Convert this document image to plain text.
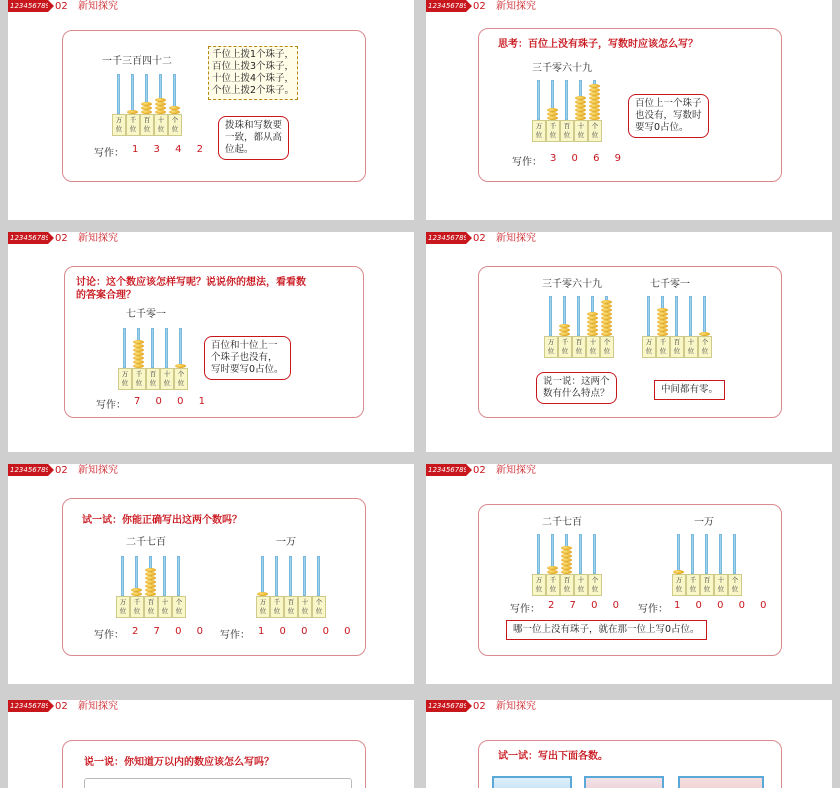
123456789 02 新知探究
一千三百四十二
万
位
千
位
百
位
十
位
个
位
千位上拨1个珠子，
百位上拨3个珠子，
十位上拨4个珠子，
个位上拨2个珠子。
拨珠和写数要
一致，都从高
位起。
写作： 1 3 4 2
123456789 02 新知探究
思考：百位上没有珠子，写数时应该怎么写？
三千零六十九
万
位
千
位
百
位
十
位
个
位
百位上一个珠子
也没有，写数时
要写0占位。
写作： 3 0 6 9
123456789 02 新知探究
讨论：这个数应该怎样写呢？说说你的想法，看看数
的答案合理？
七千零一
万
位
千
位
百
位
十
位
个
位
百位和十位上一
个珠子也没有，
写时要写0占位。
写作： 7 0 0 1
123456789 02 新知探究
三千零六十九
万
位
千
位
百
位
十
位
个
位
七千零一
万
位
千
位
百
位
十
位
个
位
说一说：这两个
数有什么特点？	中间都有零。
123456789 02 新知探究
试一试：你能正确写出这两个数吗？
二千七百
万
位
千
位
百
位
十
位
个
位
一万
万
位
千
位
百
位
十
位
个
位
写作： 2 7 0 0 写作： 1 0 0 0 0
123456789 02 新知探究
二千七百
万
位
千
位
百
位
十
位
个
位
一万
万
位
千
位
百
位
十
位
个
位
写作： 2 7 0 0 写作： 1 0 0 0 0
哪一位上没有珠子，就在那一位上写0占位。
123456789 02 新知探究
说一说：你知道万以内的数应该怎么写吗？
123456789 02 新知探究
试一试：写出下面各数。
